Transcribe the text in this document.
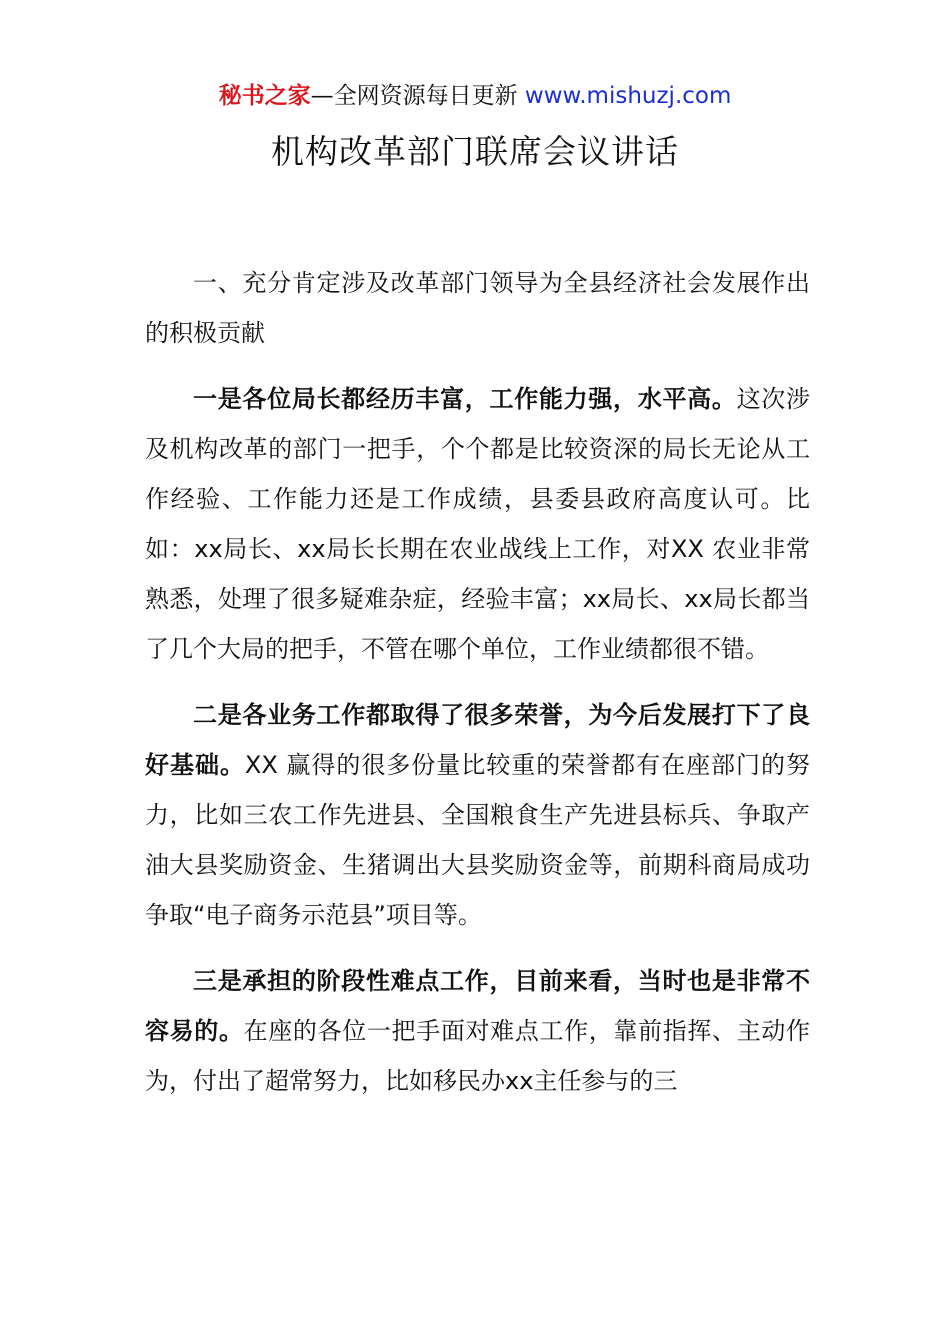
秘书之家—全网资源每日更新 www.mishuzj.com
机构改革部门联席会议讲话

一、充分肯定涉及改革部门领导为全县经济社会发展作出的积极贡献

一是各位局长都经历丰富，工作能力强，水平高。这次涉及机构改革的部门一把手，个个都是比较资深的局长无论从工作经验、工作能力还是工作成绩，县委县政府高度认可。比如：xx局长、xx局长长期在农业战线上工作，对XX 农业非常熟悉，处理了很多疑难杂症，经验丰富；xx局长、xx局长都当了几个大局的把手，不管在哪个单位，工作业绩都很不错。

二是各业务工作都取得了很多荣誉，为今后发展打下了良好基础。XX 赢得的很多份量比较重的荣誉都有在座部门的努力，比如三农工作先进县、全国粮食生产先进县标兵、争取产油大县奖励资金、生猪调出大县奖励资金等，前期科商局成功争取“电子商务示范县”项目等。

三是承担的阶段性难点工作，目前来看，当时也是非常不容易的。在座的各位一把手面对难点工作，靠前指挥、主动作为，付出了超常努力，比如移民办xx主任参与的三
